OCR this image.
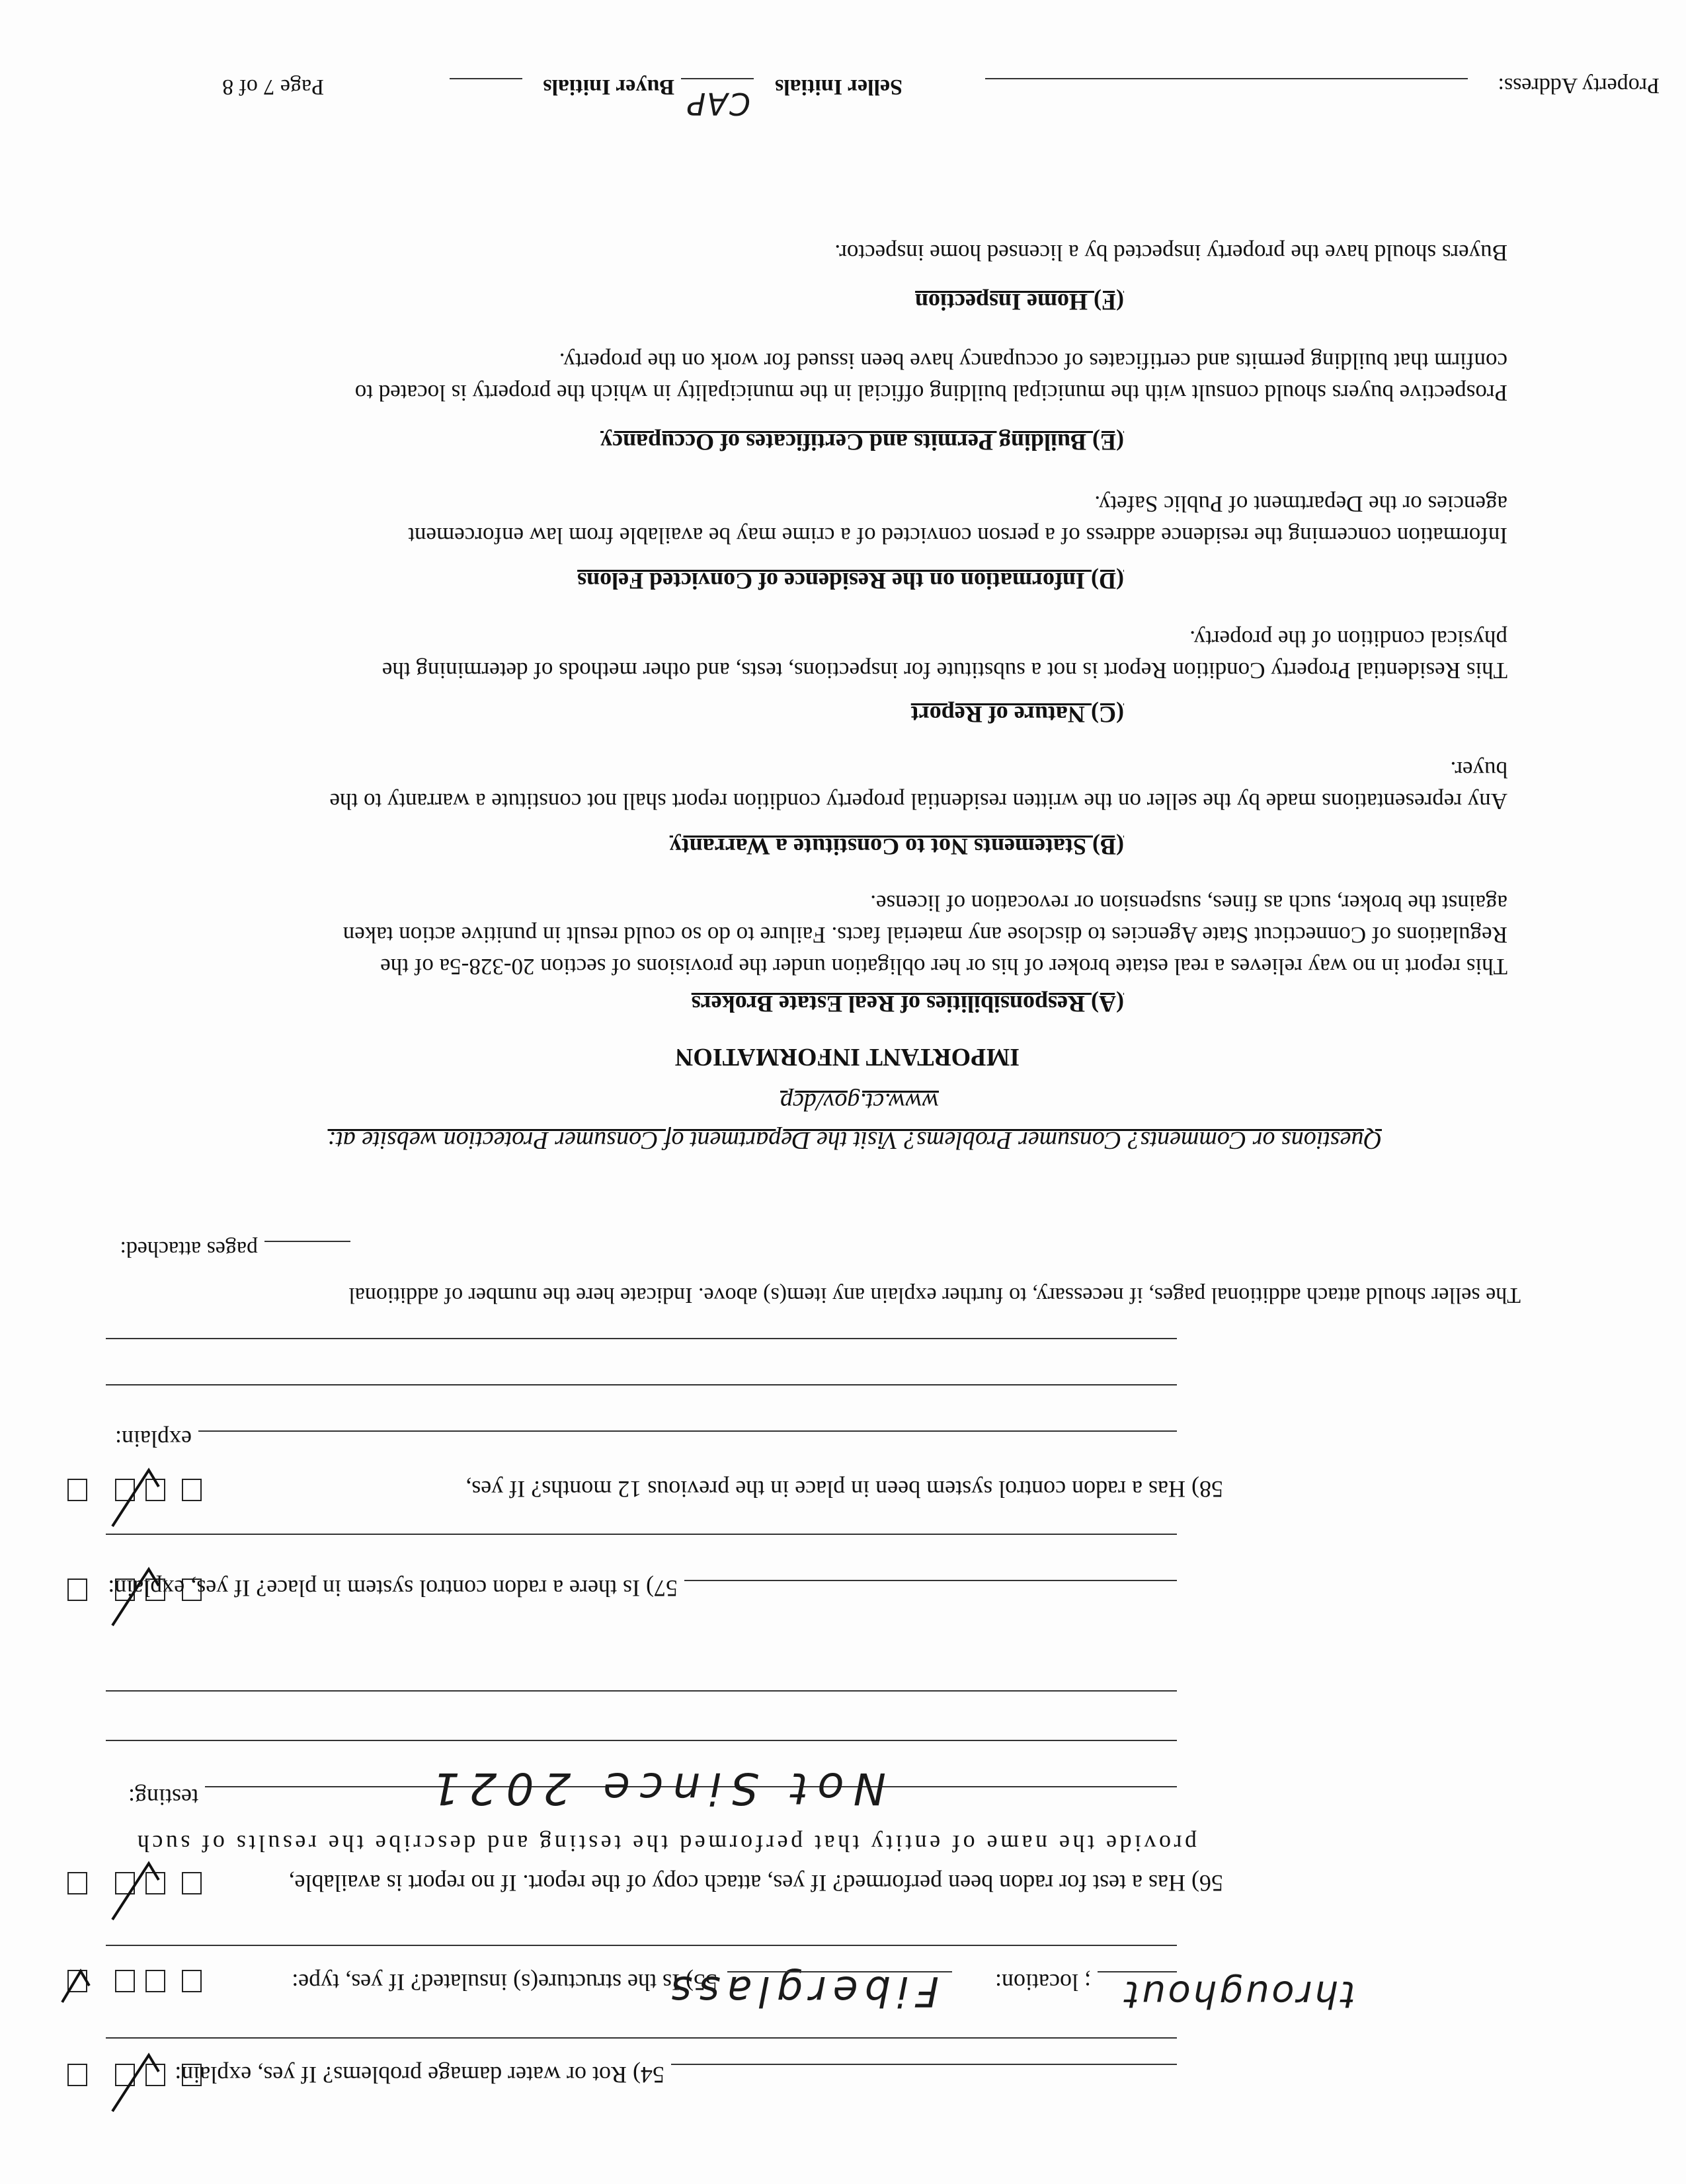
54) Rot or water damage problems? If yes, explain:
55) Is the structure(s) insulated? If yes, type:
Fiberglass ; location: throughout
56) Has a test for radon been performed? If yes, attach copy of the report. If no report is available,
provide the name of entity that performed the testing and describe the results of such
testing:	Not Since 2021
57) Is there a radon control system in place? If yes, explain:
58) Has a radon control system been in place in the previous 12 months? If yes,
explain:
The seller should attach additional pages, if necessary, to further explain any item(s) above. Indicate here the number of additional
pages attached:
Questions or Comments? Consumer Problems? Visit the Department of Consumer Protection website at:
www.ct.gov/dcp
IMPORTANT INFORMATION
(A) Responsibilities of Real Estate Brokers
This report in no way relieves a real estate broker of his or her obligation under the provisions of section 20-328-5a of the
Regulations of Connecticut State Agencies to disclose any material facts. Failure to do so could result in punitive action taken
against the broker, such as fines, suspension or revocation of license.
(B) Statements Not to Constitute a Warranty
Any representations made by the seller on the written residential property condition report shall not constitute a warranty to the
buyer.
(C) Nature of Report
This Residential Property Condition Report is not a substitute for inspections, tests, and other methods of determining the
physical condition of the property.
(D) Information on the Residence of Convicted Felons
Information concerning the residence address of a person convicted of a crime may be available from law enforcement
agencies or the Department of Public Safety.
(E) Building Permits and Certificates of Occupancy
Prospective buyers should consult with the municipal building official in the municipality in which the property is located to
confirm that building permits and certificates of occupancy have been issued for work on the property.
(F) Home Inspection
Buyers should have the property inspected by a licensed home inspector.
Property Address:
Seller Initials
CAP
Buyer Initials
Page 7 of 8
